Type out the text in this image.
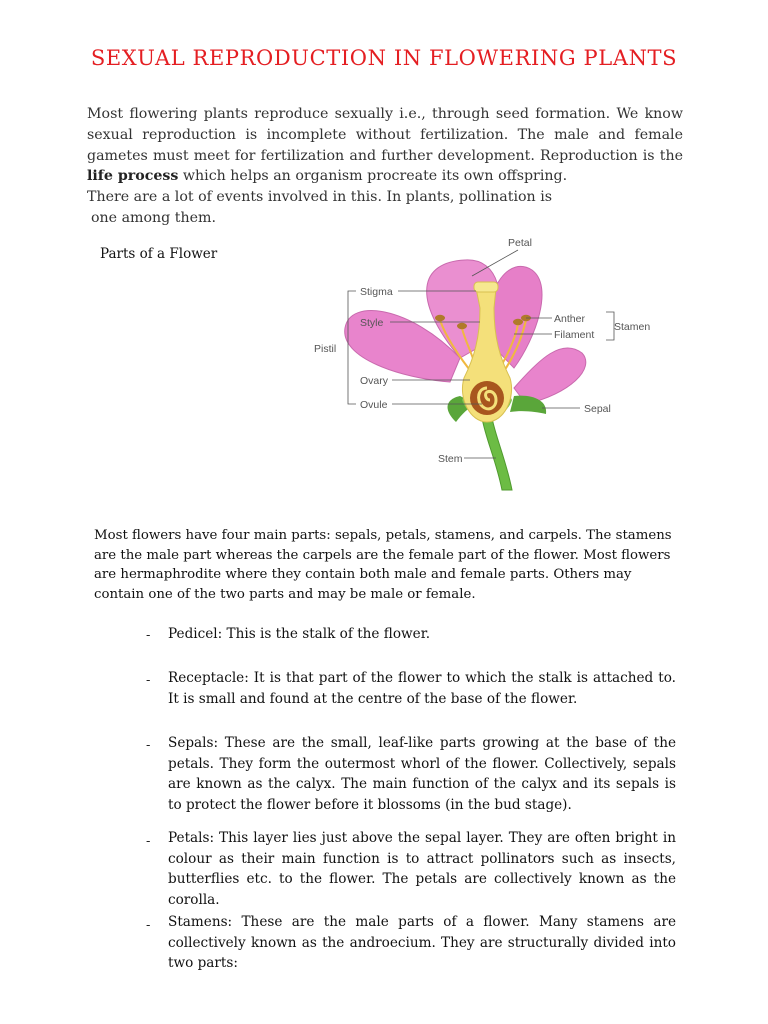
SEXUAL REPRODUCTION IN FLOWERING PLANTS

Most flowering plants reproduce sexually i.e., through seed formation. We know sexual reproduction is incomplete without fertilization. The male and female gametes must meet for fertilization and further development. Reproduction is the life process which helps an organism procreate its own offspring.
There are a lot of events involved in this. In plants, pollination is
one among them.

Parts of a Flower
Petal
Stigma
Style
Pistil
Ovary
Ovule
Anther
Filament
Stamen
Sepal
Stem

Most flowers have four main parts: sepals, petals, stamens, and carpels. The stamens are the male part whereas the carpels are the female part of the flower. Most flowers are hermaphrodite where they contain both male and female parts. Others may contain one of the two parts and may be male or female.

- Pedicel: This is the stalk of the flower.

- Receptacle: It is that part of the flower to which the stalk is attached to. It is small and found at the centre of the base of the flower.

- Sepals: These are the small, leaf-like parts growing at the base of the petals. They form the outermost whorl of the flower. Collectively, sepals are known as the calyx. The main function of the calyx and its sepals is to protect the flower before it blossoms (in the bud stage).

- Petals: This layer lies just above the sepal layer. They are often bright in colour as their main function is to attract pollinators such as insects, butterflies etc. to the flower. The petals are collectively known as the corolla.

- Stamens: These are the male parts of a flower. Many stamens are collectively known as the androecium. They are structurally divided into two parts:
